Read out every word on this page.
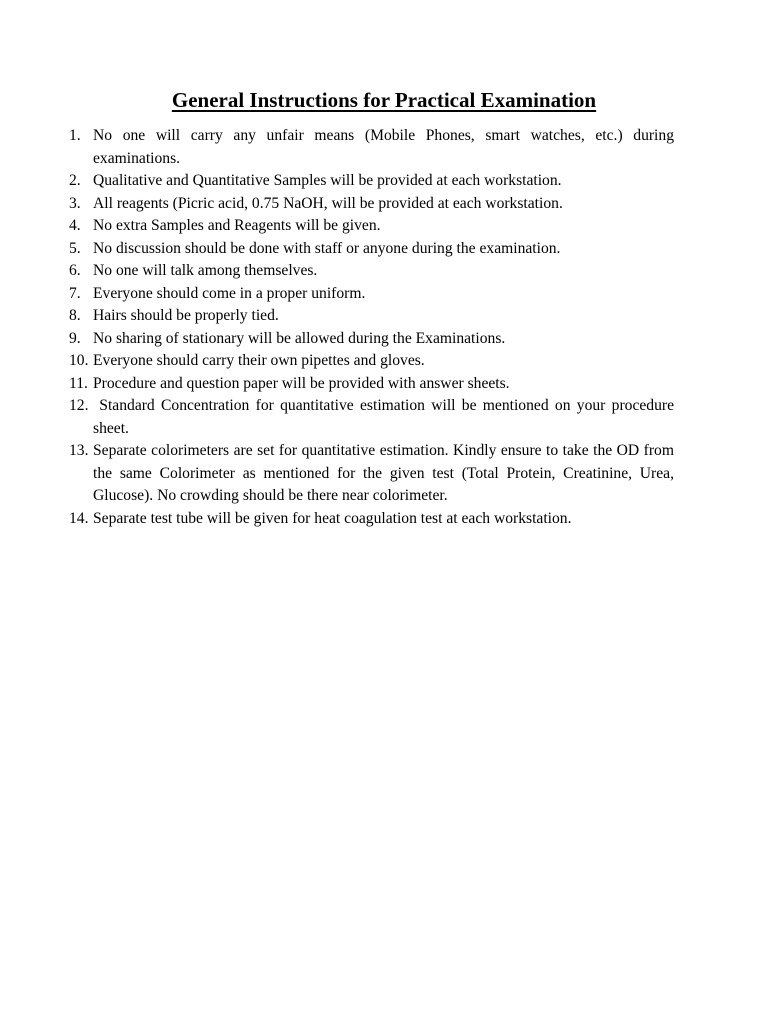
General Instructions for Practical Examination
1. No one will carry any unfair means (Mobile Phones, smart watches, etc.) during examinations.
2. Qualitative and Quantitative Samples will be provided at each workstation.
3. All reagents (Picric acid, 0.75 NaOH, will be provided at each workstation.
4. No extra Samples and Reagents will be given.
5. No discussion should be done with staff or anyone during the examination.
6. No one will talk among themselves.
7. Everyone should come in a proper uniform.
8. Hairs should be properly tied.
9. No sharing of stationary will be allowed during the Examinations.
10. Everyone should carry their own pipettes and gloves.
11. Procedure and question paper will be provided with answer sheets.
12. Standard Concentration for quantitative estimation will be mentioned on your procedure sheet.
13. Separate colorimeters are set for quantitative estimation. Kindly ensure to take the OD from the same Colorimeter as mentioned for the given test (Total Protein, Creatinine, Urea, Glucose). No crowding should be there near colorimeter.
14. Separate test tube will be given for heat coagulation test at each workstation.
